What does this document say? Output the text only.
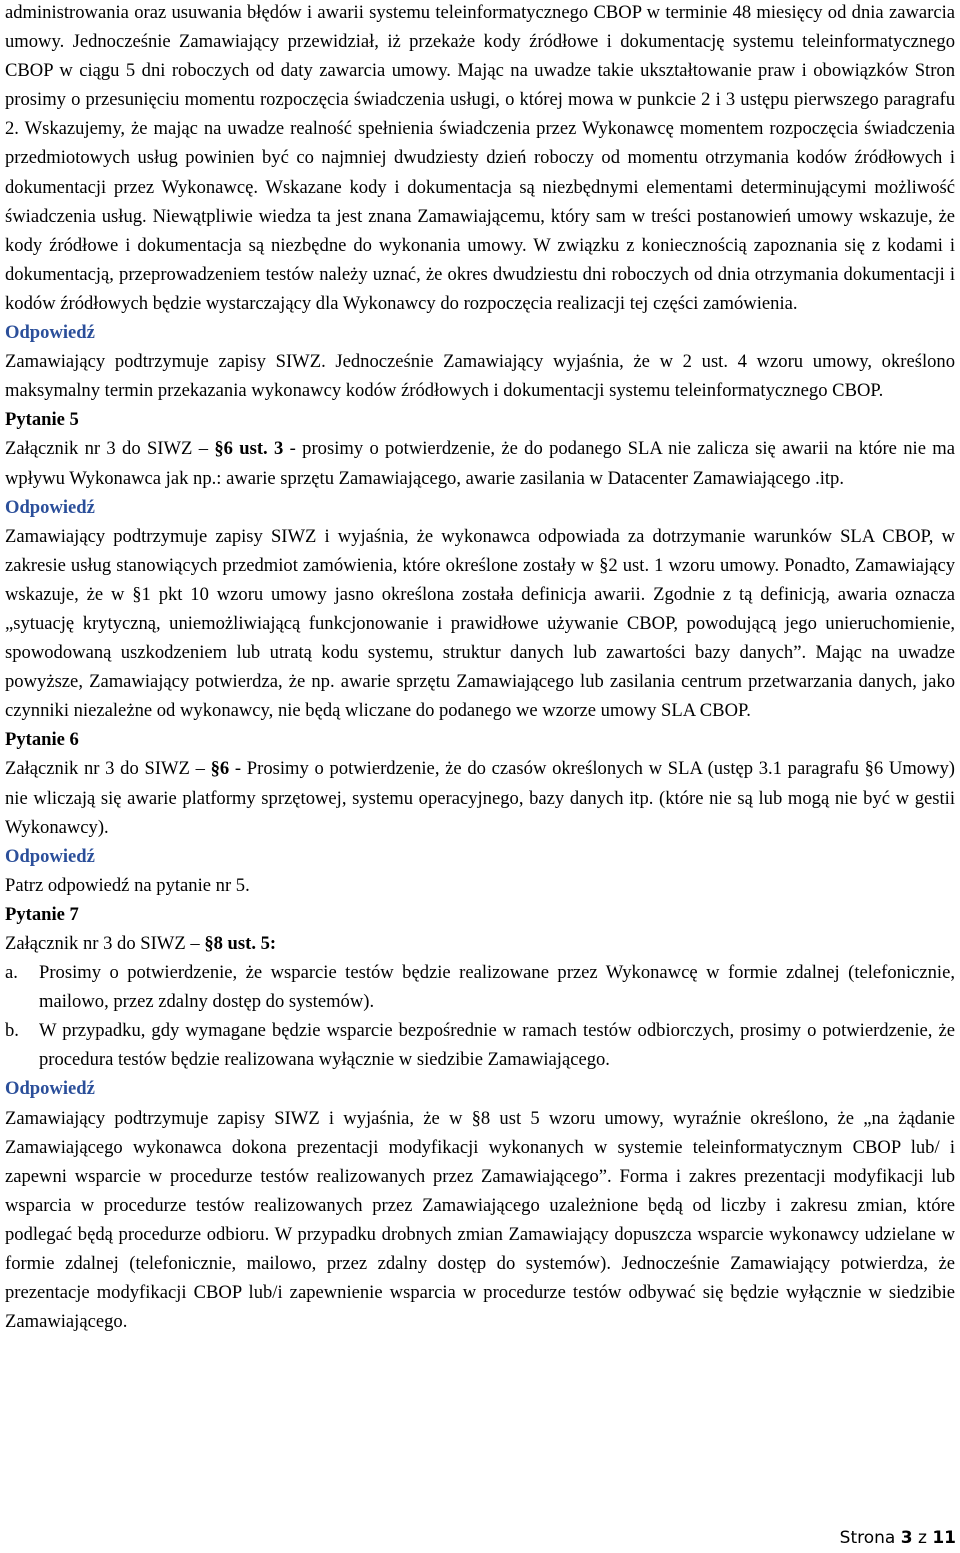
administrowania oraz usuwania błędów i awarii systemu teleinformatycznego CBOP w terminie 48 miesięcy od dnia zawarcia umowy. Jednocześnie Zamawiający przewidział, iż przekaże kody źródłowe i dokumentację systemu teleinformatycznego CBOP w ciągu 5 dni roboczych od daty zawarcia umowy. Mając na uwadze takie ukształtowanie praw i obowiązków Stron prosimy o przesunięciu momentu rozpoczęcia świadczenia usługi, o której mowa w punkcie 2 i 3 ustępu pierwszego paragrafu 2. Wskazujemy, że mając na uwadze realność spełnienia świadczenia przez Wykonawcę momentem rozpoczęcia świadczenia przedmiotowych usług powinien być co najmniej dwudziesty dzień roboczy od momentu otrzymania kodów źródłowych i dokumentacji przez Wykonawcę. Wskazane kody i dokumentacja są niezbędnymi elementami determinującymi możliwość świadczenia usług. Niewątpliwie wiedza ta jest znana Zamawiającemu, który sam w treści postanowień umowy wskazuje, że kody źródłowe i dokumentacja są niezbędne do wykonania umowy. W związku z koniecznością zapoznania się z kodami i dokumentacją, przeprowadzeniem testów należy uznać, że okres dwudziestu dni roboczych od dnia otrzymania dokumentacji i kodów źródłowych będzie wystarczający dla Wykonawcy do rozpoczęcia realizacji tej części zamówienia.

Odpowiedź

Zamawiający podtrzymuje zapisy SIWZ. Jednocześnie Zamawiający wyjaśnia, że w 2 ust. 4 wzoru umowy, określono maksymalny termin przekazania wykonawcy kodów źródłowych i dokumentacji systemu teleinformatycznego CBOP.

Pytanie 5

Załącznik nr 3 do SIWZ – §6 ust. 3 - prosimy o potwierdzenie, że do podanego SLA nie zalicza się awarii na które nie ma wpływu Wykonawca jak np.: awarie sprzętu Zamawiającego, awarie zasilania w Datacenter Zamawiającego .itp.

Odpowiedź

Zamawiający podtrzymuje zapisy SIWZ i wyjaśnia, że wykonawca odpowiada za dotrzymanie warunków SLA CBOP, w zakresie usług stanowiących przedmiot zamówienia, które określone zostały w §2 ust. 1 wzoru umowy. Ponadto, Zamawiający wskazuje, że w §1 pkt 10 wzoru umowy jasno określona została definicja awarii. Zgodnie z tą definicją, awaria oznacza „sytuację krytyczną, uniemożliwiającą funkcjonowanie i prawidłowe używanie CBOP, powodującą jego unieruchomienie, spowodowaną uszkodzeniem lub utratą kodu systemu, struktur danych lub zawartości bazy danych”. Mając na uwadze powyższe, Zamawiający potwierdza, że np. awarie sprzętu Zamawiającego lub zasilania centrum przetwarzania danych, jako czynniki niezależne od wykonawcy, nie będą wliczane do podanego we wzorze umowy SLA CBOP.

Pytanie 6

Załącznik nr 3 do SIWZ – §6 - Prosimy o potwierdzenie, że do czasów określonych w SLA (ustęp 3.1 paragrafu §6 Umowy) nie wliczają się awarie platformy sprzętowej, systemu operacyjnego, bazy danych itp. (które nie są lub mogą nie być w gestii Wykonawcy).

Odpowiedź

Patrz odpowiedź na pytanie nr 5.

Pytanie 7

Załącznik nr 3 do SIWZ – §8 ust. 5:

a.	Prosimy o potwierdzenie, że wsparcie testów będzie realizowane przez Wykonawcę w formie zdalnej (telefonicznie, mailowo, przez zdalny dostęp do systemów).
b.	W przypadku, gdy wymagane będzie wsparcie bezpośrednie w ramach testów odbiorczych, prosimy o potwierdzenie, że procedura testów będzie realizowana wyłącznie w siedzibie Zamawiającego.

Odpowiedź

Zamawiający podtrzymuje zapisy SIWZ i wyjaśnia, że w §8 ust 5 wzoru umowy, wyraźnie określono, że „na żądanie Zamawiającego wykonawca dokona prezentacji modyfikacji wykonanych w systemie teleinformatycznym CBOP lub/ i zapewni wsparcie w procedurze testów realizowanych przez Zamawiającego”. Forma i zakres prezentacji modyfikacji lub wsparcia w procedurze testów realizowanych przez Zamawiającego uzależnione będą od liczby i zakresu zmian, które podlegać będą procedurze odbioru. W przypadku drobnych zmian Zamawiający dopuszcza wsparcie wykonawcy udzielane w formie zdalnej (telefonicznie, mailowo, przez zdalny dostęp do systemów). Jednocześnie Zamawiający potwierdza, że prezentacje modyfikacji CBOP lub/i zapewnienie wsparcia w procedurze testów odbywać się będzie wyłącznie w siedzibie Zamawiającego.

Strona 3 z 11
